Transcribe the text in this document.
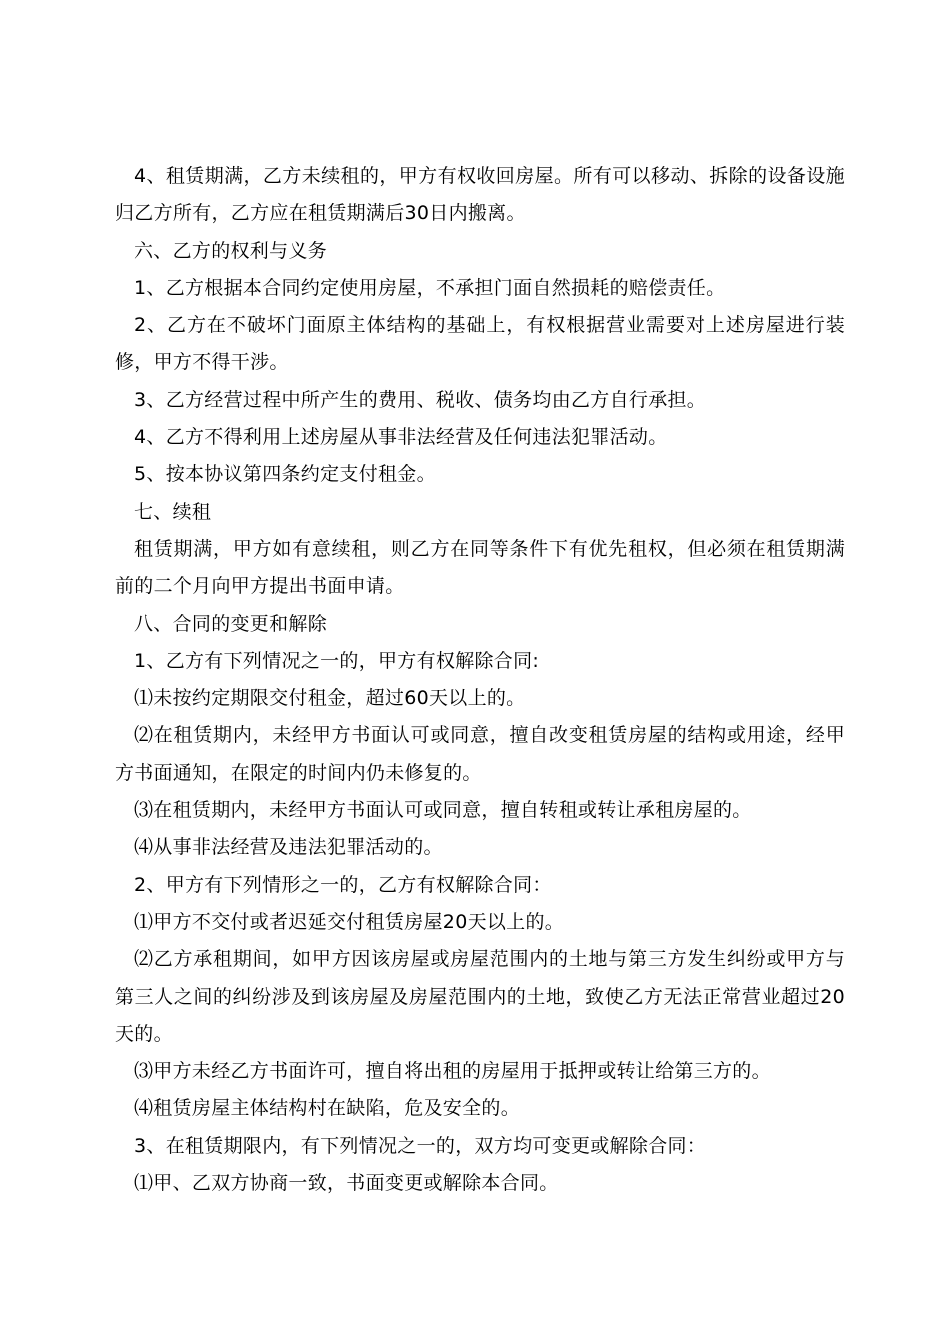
4、租赁期满，乙方未续租的，甲方有权收回房屋。所有可以移动、拆除的设备设施归乙方所有，乙方应在租赁期满后30日内搬离。

六、乙方的权利与义务

1、乙方根据本合同约定使用房屋，不承担门面自然损耗的赔偿责任。

2、乙方在不破坏门面原主体结构的基础上，有权根据营业需要对上述房屋进行装修，甲方不得干涉。

3、乙方经营过程中所产生的费用、税收、债务均由乙方自行承担。

4、乙方不得利用上述房屋从事非法经营及任何违法犯罪活动。

5、按本协议第四条约定支付租金。

七、续租

租赁期满，甲方如有意续租，则乙方在同等条件下有优先租权，但必须在租赁期满前的二个月向甲方提出书面申请。

八、合同的变更和解除

1、乙方有下列情况之一的，甲方有权解除合同:

⑴未按约定期限交付租金，超过60天以上的。

⑵在租赁期内，未经甲方书面认可或同意，擅自改变租赁房屋的结构或用途，经甲方书面通知，在限定的时间内仍未修复的。

⑶在租赁期内，未经甲方书面认可或同意，擅自转租或转让承租房屋的。

⑷从事非法经营及违法犯罪活动的。

2、甲方有下列情形之一的，乙方有权解除合同：

⑴甲方不交付或者迟延交付租赁房屋20天以上的。

⑵乙方承租期间，如甲方因该房屋或房屋范围内的土地与第三方发生纠纷或甲方与第三人之间的纠纷涉及到该房屋及房屋范围内的土地，致使乙方无法正常营业超过20天的。

⑶甲方未经乙方书面许可，擅自将出租的房屋用于抵押或转让给第三方的。

⑷租赁房屋主体结构村在缺陷，危及安全的。

3、在租赁期限内，有下列情况之一的，双方均可变更或解除合同：

⑴甲、乙双方协商一致，书面变更或解除本合同。
